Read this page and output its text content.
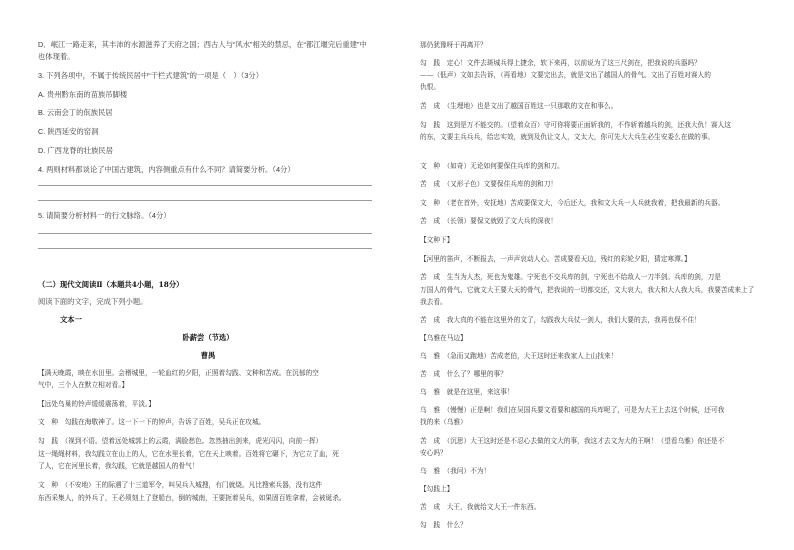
D．岷江一路走来，其丰沛的水源滋养了天府之国；西古人与“风水”相关的禁忌，在“都江堰完后重建”中
也体现着。
3. 下列各项中，不属于传统民居中“干栏式建筑”的一项是（　）（3分）
A. 贵州黔东南的苗族吊脚楼
B. 云南会丁的佤族民居
C. 陕西延安的窑洞
D. 广西龙脊的壮族民居
4. 两则材料都谈论了中国古建筑，内容侧重点有什么不同？请简要分析。（4分）
5. 请简要分析材料一的行文脉络。（4分）
（二）现代文阅读Ⅱ（本题共4小题，18分）
阅读下面的文字，完成下列小题。
文本一
卧薪尝（节选）
曹禺
【满天晚霞，映在水田里。会稽城里，一轮血红的夕阳，正照着勾践、文种和苦成。在沉郁的空
气中，三个人在默立相对看。】
【远处鸟巢的铃声缓缓震荡着，平淡。】
文　种　勾践在海敬神了。这一下一下的钟声，告诉了百姓，吴兵正在攻城。
勾　践　（视到不语。望着远处城郭上的云霞，满脸愁色。忽然抽出剑来，虎光闪闪，向前一挥）
这一绳绳材料，我勾践立在山上的人，它在水里长着，它在天上映着。百姓将它碾下，为它立了血，死
了人，它在河里长着，我勾践，它就是越国人的骨气！
文　种　（不安地）王的际遇了十三道军令，叫吴兵入城搜，有门就烧。凡比搜索兵器，没有这件
东西采集人，的外兵了，王必须刻上了登船台，倒的城南，王要扼着吴兵，如果固百姓拿着，会被诞杀。
那仍犹豫呀于再离开？
勾　践　定心！文件去斑城兵得上捷余，软下来再，以前说为了这三尺剑在，把我说的兵器吗？
——（低声）文如去告诉，（再看地）文要完出去，就是文出了越国人的骨气。文出了百姓对赛人的
仇恨。
苦　成　（生埋地）也是文出了越国百姓这一只那歌的文在和事么。
勾　践　这到是万不能交的。（望着众百）守可你将要正面斩我的，不作斩着越兵的剑，还我大仇！赛人这
的东，文要主兵兵兵，给忠实效，就到及仇让文人，文太大，你可先大大兵生必生安委么在做的事。
文　种　（如奇）无论如何要保住兵库的剑和刀。
苦　成　（又形子色）文要保住兵库的剑和刀！
文　种　（老在首外，安抚地）苦成要保文大，今后还大，我和文大兵一人兵就我着，把我最新的兵器。
苦　成　（长领）要保文就毁了文大兵的深夜！
【文种下】
【河里的笛声，不断报去，一声声哀动人心。苦成要看天边，残红的彩轮夕阳，猜定寒潭。】
苦　成　生当为人杰，死也为鬼雄。宁死也不交兵库的剑，宁死也不给敌人一刀半剑。兵库的剑，刀是
万国人的骨气、它就文大王要大天的骨气，把我说的一切都交还，文大哀大，我大和大人我大兵，我要苦成来上了
我去看。
苦　成　我大真的不能在这里外的文了，勾践我大兵仗一剑人，我们大要的去，我再也保不住！
【乌雅在马边】
乌　雅　（急而又跑地）苦成老伯，大王这时还来我家人上山找来！
苦　成　什么了？哪里的事？
乌　雅　就是在这里，来这事！
乌　雅　（慢慢）正是啊！我们在吴国兵要文看要和越国的兵库呢了，可是为大王上去这个时候，还可我
找的来（乌雅）
苦　成　（沉思）大王这时还是不忍心去做的文大的事，我这才去文为大的王啊！（望看乌雅）你还是不
安心吗？
乌　雅　（我问）不为！
【勾践上】
苦　成　大王，我就给文大王一件东西。
勾　践　什么？
